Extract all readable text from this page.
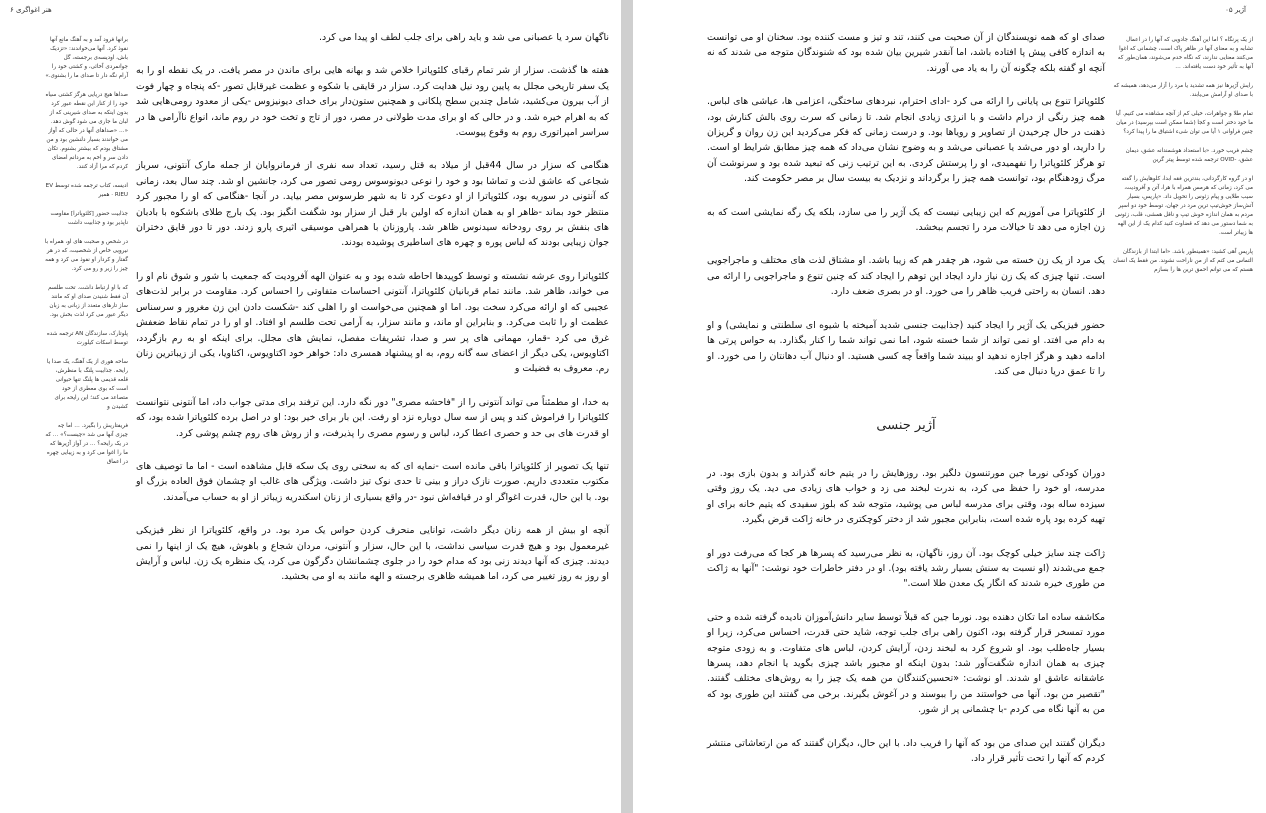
۶ هنر اغواگری

ناگهان سرد یا عصبانی می شد و باید راهی برای جلب لطف او پیدا می کرد.

هفته ها گذشت. سزار از شر تمام رقبای کلئوپاترا خلاص شد و بهانه هایی برای ماندن در مصر یافت. در یک نقطه او را به یک سفر تاریخی مجلل به پایین رود نیل هدایت کرد. سزار در قایقی با شکوه و عظمت غیرقابل تصور -که پنجاه و چهار فوت از آب بیرون می‌کشید، شامل چندین سطح پلکانی و همچنین ستون‌دار برای خدای دیونیزوس -یکی از معدود رومی‌هایی شد که به اهرام خیره شد. و در حالی که او برای مدت طولانی در مصر، دور از تاج و تخت خود در روم ماند، انواع ناآرامی ها در سراسر امپراتوری روم به وقوع پیوست.

هنگامی که سزار در سال 44قبل از میلاد به قتل رسید، تعداد سه نفری از فرمانروایان از جمله مارک آنتونی، سرباز شجاعی که عاشق لذت و تماشا بود و خود را نوعی دیونوسوس رومی تصور می کرد، جانشین او شد. چند سال بعد، زمانی که آنتونی در سوریه بود، کلئوپاترا از او دعوت کرد تا به شهر طرسوس مصر بیاید. در آنجا -هنگامی که او را مجبور کرد منتظر خود بماند -ظاهر او به همان اندازه که اولین بار قبل از سزار بود شگفت انگیز بود. یک بارج طلای باشکوه با بادبان های بنفش بر روی رودخانه سیدنوس ظاهر شد. پاروزنان با همراهی موسیقی اثیری پارو زدند. دور تا دور قایق دختران جوان زیبایی بودند که لباس پوره و چهره های اساطیری پوشیده بودند.

کلئوپاترا روی عرشه نشسته و توسط کوپیدها احاطه شده بود و به عنوان الهه آفرودیت که جمعیت با شور و شوق نام او را می خواند، ظاهر شد. مانند تمام قربانیان کلئوپاترا، آنتونی احساسات متفاوتی را احساس کرد. مقاومت در برابر لذت‌های عجیبی که او ارائه می‌کرد سخت بود. اما او همچنین می‌خواست او را اهلی کند -شکست دادن این زن مغرور و سرسناس عظمت او را ثابت می‌کرد. و بنابراین او ماند، و مانند سزار، به آرامی تحت طلسم او افتاد. او او را در تمام نقاط ضعفش غرق می کرد -قمار، مهمانی های پر سر و صدا، تشریفات مفصل، نمایش های مجلل. برای اینکه او به رم بازگردد، اکتاویوس، یکی دیگر از اعضای سه گانه روم، به او پیشنهاد همسری داد: خواهر خود اکتاویوس، اکتاویا، یکی از زیباترین زنان رم. معروف به فضیلت و

به خدا، او مطمئناً می تواند آنتونی را از "فاحشه مصری" دور نگه دارد. این ترفند برای مدتی جواب داد، اما آنتونی نتوانست کلئوپاترا را فراموش کند و پس از سه سال دوباره نزد او رفت. این بار برای خیر بود: او در اصل برده کلئوپاترا شده بود، که او قدرت های بی حد و حصری اعطا کرد، لباس و رسوم مصری را پذیرفت، و از روش های روم چشم پوشی کرد.

تنها یک تصویر از کلئوپاترا باقی مانده است -نمایه ای که به سختی روی یک سکه قابل مشاهده است - اما ما توصیف های مکتوب متعددی داریم. صورت نازک دراز و بینی تا حدی نوک تیز داشت. ویژگی های غالب او چشمان فوق العاده بزرگ او بود. با این حال، قدرت اغواگر او در قیافه‌اش نبود -در واقع بسیاری از زنان اسکندریه زیباتر از او به حساب می‌آمدند.

آنچه او بیش از همه زنان دیگر داشت، توانایی منحرف کردن حواس یک مرد بود. در واقع، کلئوپاترا از نظر فیزیکی غیرمعمول بود و هیچ قدرت سیاسی نداشت، با این حال، سزار و آنتونی، مردان شجاع و باهوش، هیچ یک از اینها را نمی دیدند. چیزی که آنها دیدند زنی بود که مدام خود را در جلوی چشمانشان دگرگون می کرد، یک منظره یک زن. لباس و آرایش او روز به روز تغییر می کرد، اما همیشه ظاهری برجسته و الهه مانند به او می بخشید.

برانها فرود آمد و به آهنگ مانع آنها نفوذ کرد. آنها می‌خواندند: «تزدیک باش، اودیسه‌ی برجسته، گل جوانمردی آخائی، و کشتی خود را آرام نگه دار تا صدای ما را بشنوی.»

صداها هیچ دریایی هرگز کشتی سیاه خود را از کنار این نقطه عبور کرد بدون اینکه به صدای شیرینی که از لبان ما جاری می شود گوش دهد. «… «صداهای آنها در حالی که آواز می خواندند بسیار دلنشین بود و من مشتاق بودم که بیشتر بشنوم. تکان دادن سر و اخم به مردانم امضای کردم که مرا آزاد کنند.

ادیسه، کتاب ترجمه شده توسط EV RIEU · همیر

جذابیت حضور [کلئوپاترا] مقاومت ناپذیر بود و جذابیت داشت

در شخص و صحبت های او، همراه با نیرویی خاص از شخصیت، که در هر گفتار و کردار او نفوذ می کرد و همه چیز را زیر و رو می کرد.

که با او ارتباط داشت. تحت طلسم آن فقط شنیدن صدای او که مانند ساز تارهای متعدد از زبانی به زبان دیگر عبور می کرد لذت بخش بود.

پلوتارک، سازندگان AN ترجمه شده توسط اسکات کیلورت

ساحه هوری از یک آهنگ، یک صدا یا رایحه. جذابیت پلنگ با منظرش، قلعه قدیمی ها پلنگ تنها حیوانی است که بوی معطری از خود متصاعد می کند؛ این رایحه برای کشیدن و

فریفتاریش را بگیرد. … اما چه چیزی آنها می شد «چیست؟» … که در یک رایحه؟ … در آواز آژیرها که ما را اغوا می کرد و به زیبایی چهره در اعماق

آژیر ۰۵

صدای او که همه نویسندگان از آن صحبت می کنند، تند و تیز و مست کننده بود. سخنان او می توانست به اندازه کافی پیش پا افتاده باشد، اما آنقدر شیرین بیان شده بود که شنوندگان متوجه می شدند که نه آنچه او گفته بلکه چگونه آن را به یاد می آورند.

کلئوپاترا تنوع بی پایانی را ارائه می کرد -ادای احترام، نبردهای ساختگی، اعزامی ها، عیاشی های لباس. همه چیز رنگی از درام داشت و با انرژی زیادی انجام شد. تا زمانی که سرت روی بالش کنارش بود، ذهنت در حال چرخیدن از تصاویر و رویاها بود. و درست زمانی که فکر می‌کردید این زن روان و گریزان را دارید، او دور می‌شد یا عصبانی می‌شد و به وضوح نشان می‌داد که همه چیز مطابق شرایط او است. تو هرگز کلئوپاترا را نفهمیدی، او را پرستش کردی. به این ترتیب زنی که تبعید شده بود و سرنوشت آن مرگ زودهنگام بود، توانست همه چیز را برگرداند و نزدیک به بیست سال بر مصر حکومت کند.

از کلئوپاترا می آموزیم که این زیبایی نیست که یک آژیر را می سازد، بلکه یک رگه نمایشی است که به زن اجازه می دهد تا خیالات مرد را تجسم ببخشد.

یک مرد از یک زن خسته می شود، هر چقدر هم که زیبا باشد. او مشتاق لذت های مختلف و ماجراجویی است. تنها چیزی که یک زن نیاز دارد ایجاد این توهم را ایجاد کند که چنین تنوع و ماجراجویی را ارائه می دهد. انسان به راحتی فریب ظاهر را می خورد. او در بصری ضعف دارد.

حضور فیزیکی یک آژیر را ایجاد کنید (جذابیت جنسی شدید آمیخته با شیوه ای سلطنتی و نمایشی) و او به دام می افتد. او نمی تواند از شما خسته شود، اما نمی تواند شما را کنار بگذارد. به حواس پرتی ها ادامه دهید و هرگز اجازه ندهید او ببیند شما واقعاً چه کسی هستید. او دنبال آب دهانتان را می خورد. او را تا عمق دریا دنبال می کند.

آژیر جنسی

دوران کودکی نورما جین مورتنسون دلگیر بود. روزهایش را در یتیم خانه گذراند و بدون بازی بود. در مدرسه، او خود را حفظ می کرد، به ندرت لبخند می زد و خواب های زیادی می دید. یک روز وقتی سیزده ساله بود، وقتی برای مدرسه لباس می پوشید، متوجه شد که بلوز سفیدی که یتیم خانه برای او تهیه کرده بود پاره شده است، بنابراین مجبور شد از دختر کوچکتری در خانه ژاکت قرض بگیرد.

ژاکت چند سایز خیلی کوچک بود. آن روز، ناگهان، به نظر می‌رسید که پسرها هر کجا که می‌رفت دور او جمع می‌شدند (او نسبت به سنش بسیار رشد یافته بود). او در دفتر خاطرات خود نوشت: "آنها به ژاکت من طوری خیره شدند که انگار یک معدن طلا است."

مکاشفه ساده اما تکان دهنده بود. نورما جین که قبلاً توسط سایر دانش‌آموزان نادیده گرفته شده و حتی مورد تمسخر قرار گرفته بود، اکنون راهی برای جلب توجه، شاید حتی قدرت، احساس می‌کرد، زیرا او بسیار جاه‌طلب بود. او شروع کرد به لبخند زدن، آرایش کردن، لباس های متفاوت. و به زودی متوجه چیزی به همان اندازه شگفت‌آور شد: بدون اینکه او مجبور باشد چیزی بگوید یا انجام دهد، پسرها عاشقانه عاشق او شدند. او نوشت: «تحسین‌کنندگان من همه یک چیز را به روش‌های مختلف گفتند. "تقصیر من بود. آنها می خواستند من را ببوسند و در آغوش بگیرند. برخی می گفتند این طوری بود که من به آنها نگاه می کردم -با چشمانی پر از شور.

دیگران گفتند این صدای من بود که آنها را فریب داد. با این حال، دیگران گفتند که من ارتعاشاتی منتشر کردم که آنها را تحت تأثیر قرار داد.

از یک پرنگاه ؟ اما این آهنگ جادویی که آنها را در اعمال تشابه و به معنای آنها در ظاهر پاک است، چشمانی که اغوا می‌کنند معنایی ندارند، که نگاه خدم می‌شوند، همان‌طور که آنها به تأثیر خود دست یافته‌اند. …

رایش آژیرها نیز همه تشدید یا مرد را آزار می‌دهد، همیشه که با صدای او آرامش می‌یابند.

تمام طلا و جواهرات، خیلی کم از آنچه مشاهده می کنیم. آیا ما خود دختر است و کجا (شما ممکن است بپرسید) در میان چنین فراوانی ۱ آیا می توان شیء اشتیاق ما را پیدا کرد؟

چشم فریب خورد. «با استعداد هوشمندانه عشق، دیمان عشق، -OVID ترجمه شده توسط پیتر گرین

او در گروه کارگردانی، بندترین فقه ابدا، کلوهایش را گفته می کرد، زمانی که هرمس همراه با هرا، آتن و آفرودیت، سیب طلایی و پیام زئوس را تحویل داد. «پاریس، بسیار آتش‌ساز خوش‌تیپ ترین مرد در جهان، توسط خود دو اسپر مردم به همان اندازه خوش تیپ و ناقل همشی، قلب، زئوس به شما دستور می دهد که قضاوت کنید کدام یک از این الهه ها زیباتر است.

پاریس آهی کشید: «همینطور باشد. «اما ابتدا از بازندگان التماس می کنم که از من ناراحت نشوند. من فقط یک انسان هستم که می توانم احمق ترین ها را بسازم
